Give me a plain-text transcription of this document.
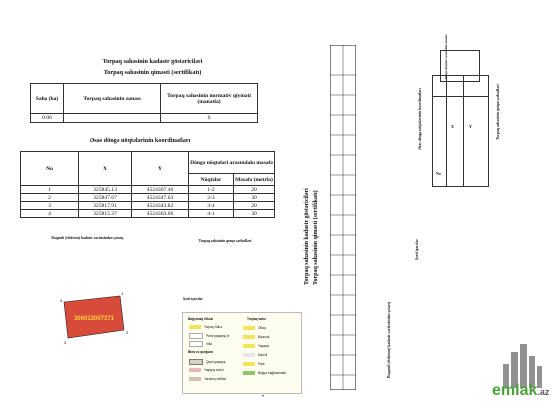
Torpaq sahəsinin kadastr göstəriciləri
Torpaq sahəsinin qiməsti (sertifikatı)
Sahə (ha)	Torpaq sahəsinin zonası	Torpaq sahəsinin normativ qiyməti (manatla)
0.06		0
Əsas döngə nöqtələrinin koordinatları
No	X	Y	Döngə nöqtələri arasındakı məsafə	
			Nöqtələr	Məsafə (metrlə)
1	325845.13	4524367.46	1-2	20
2	325847.67	4524347.63	2-3	30
3	325817.91	4524343.82	3-4	20
4	325815.37	4524363.66	4-1	30
Rəqəmli (elektron) kadastr xəritəsindən çıxarış
Torpaq sahəsinin qonşu sərhədləri
306013007371
4
1
2
3
Şərti işarələr
Bağçımaq ölkəsi
Torpaq Sahə
Pardi yaşayışı.in
Villa
Bina və qurğular
Qeyri-yaşayış
Yaşayış evləri
Yardımçı tikililər
Torpaq sahə
Otlaq
Biçənək
Yaşayış
Mənzil
Park
Bağça bağlanmaları
•
Torpaq sahəsinin kadastr göstəriciləri Torpaq sahəsinin qiməsti (sertifikatı)
Rəqəmli (elektron) kadastr xəritəsindən çıxarış
Şərti işarələr
Əsas döngə nöqtələrinin koordinatları
No
X	Y
Döngə nöqtələri arasındakı məsafə
Torpaq sahəsinin qonşu sərhədləri
emlak.az
